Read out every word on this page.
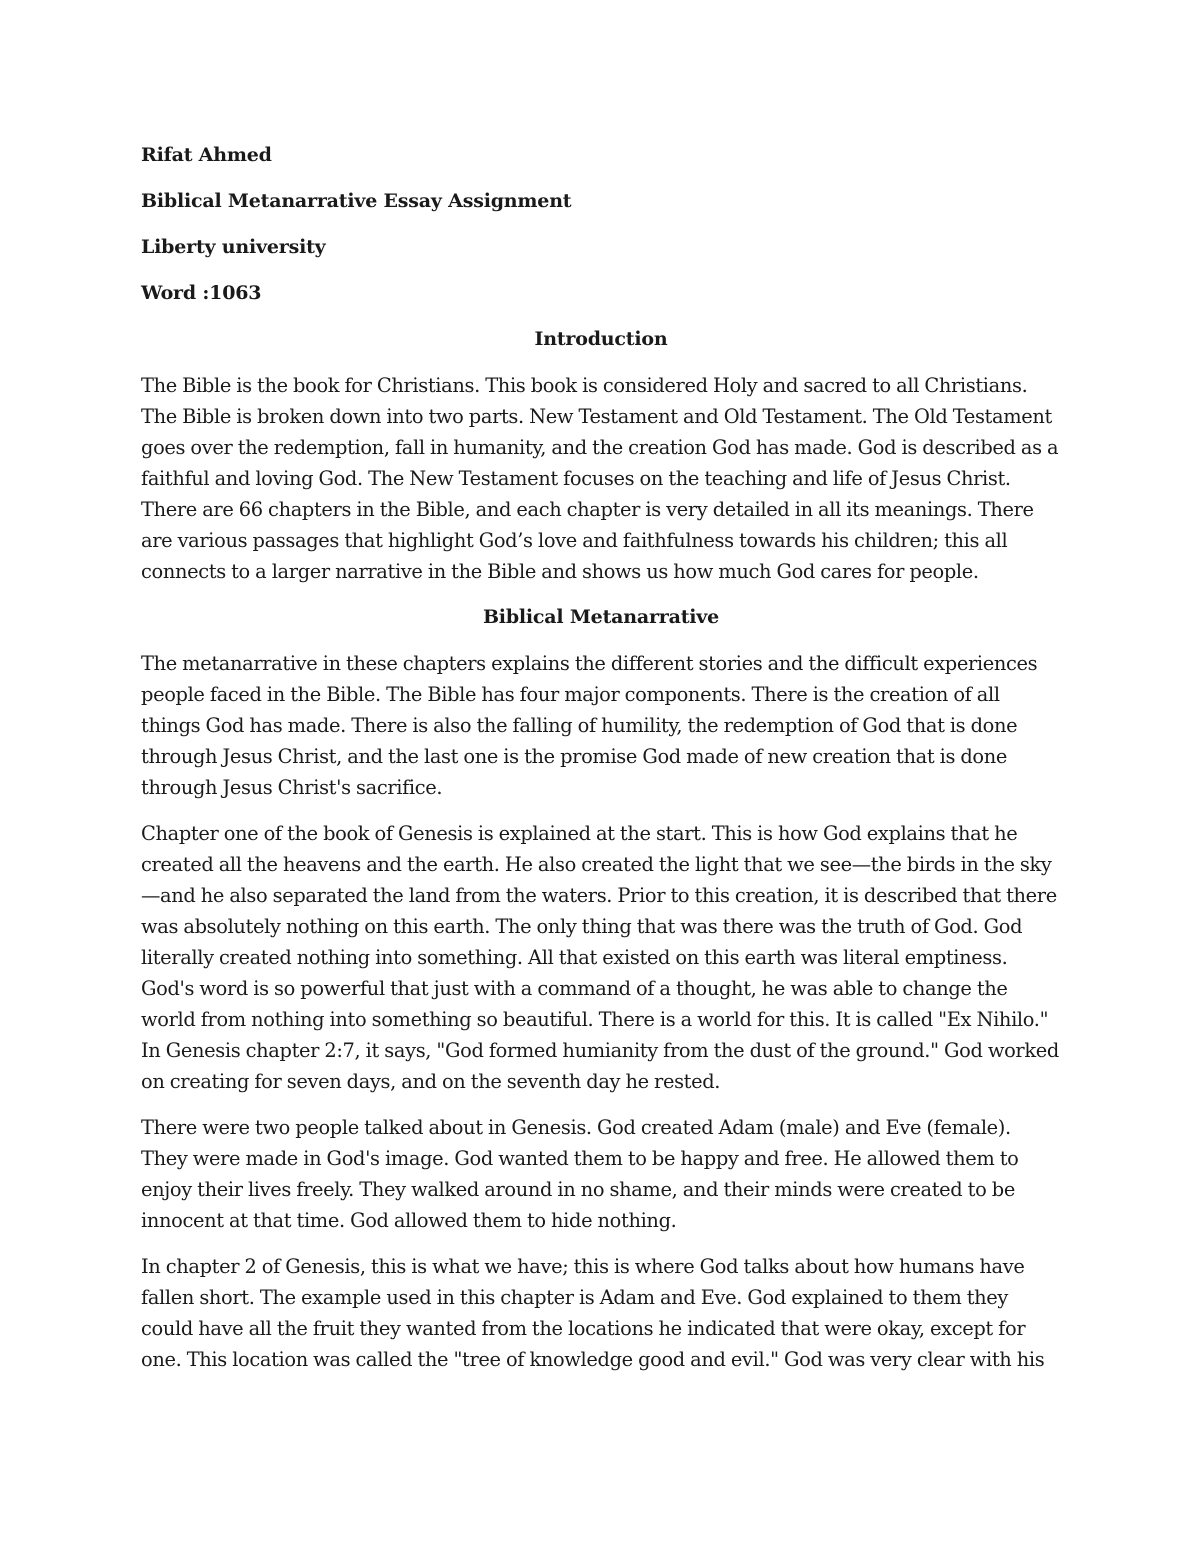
Rifat Ahmed

Biblical Metanarrative Essay Assignment

Liberty university

Word :1063

Introduction

The Bible is the book for Christians. This book is considered Holy and sacred to all Christians. The Bible is broken down into two parts. New Testament and Old Testament. The Old Testament goes over the redemption, fall in humanity, and the creation God has made. God is described as a faithful and loving God. The New Testament focuses on the teaching and life of Jesus Christ. There are 66 chapters in the Bible, and each chapter is very detailed in all its meanings. There are various passages that highlight God’s love and faithfulness towards his children; this all connects to a larger narrative in the Bible and shows us how much God cares for people.

Biblical Metanarrative

The metanarrative in these chapters explains the different stories and the difficult experiences people faced in the Bible. The Bible has four major components. There is the creation of all things God has made. There is also the falling of humility, the redemption of God that is done through Jesus Christ, and the last one is the promise God made of new creation that is done through Jesus Christ's sacrifice.

Chapter one of the book of Genesis is explained at the start. This is how God explains that he created all the heavens and the earth. He also created the light that we see—the birds in the sky—and he also separated the land from the waters. Prior to this creation, it is described that there was absolutely nothing on this earth. The only thing that was there was the truth of God. God literally created nothing into something. All that existed on this earth was literal emptiness. God's word is so powerful that just with a command of a thought, he was able to change the world from nothing into something so beautiful. There is a world for this. It is called "Ex Nihilo." In Genesis chapter 2:7, it says, "God formed humianity from the dust of the ground." God worked on creating for seven days, and on the seventh day he rested.

There were two people talked about in Genesis. God created Adam (male) and Eve (female). They were made in God's image. God wanted them to be happy and free. He allowed them to enjoy their lives freely. They walked around in no shame, and their minds were created to be innocent at that time. God allowed them to hide nothing.

In chapter 2 of Genesis, this is what we have; this is where God talks about how humans have fallen short. The example used in this chapter is Adam and Eve. God explained to them they could have all the fruit they wanted from the locations he indicated that were okay, except for one. This location was called the "tree of knowledge good and evil." God was very clear with his
